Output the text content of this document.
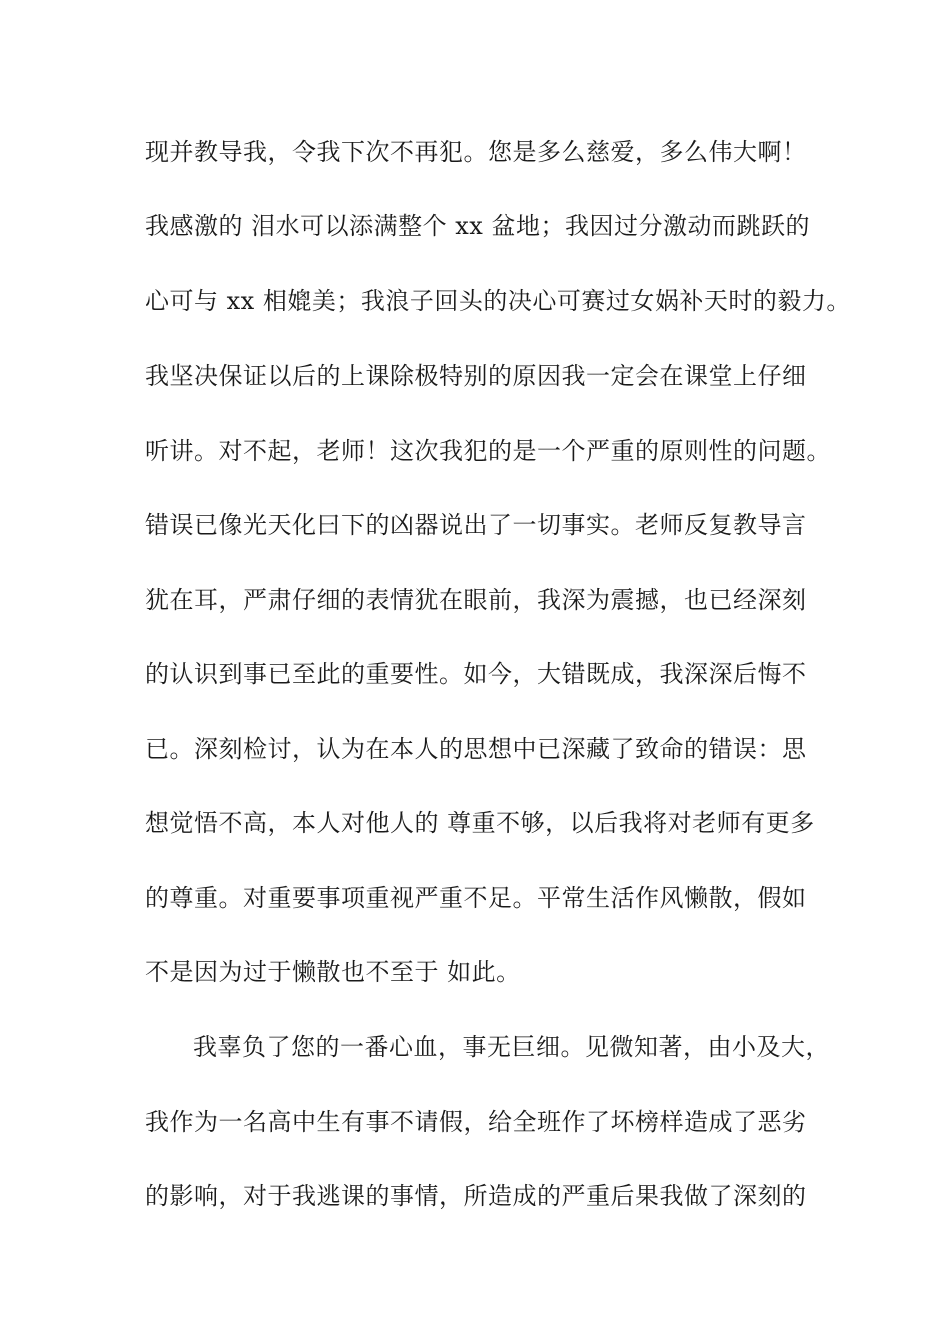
现并教导我，令我下次不再犯。您是多么慈爱，多么伟大啊！
我感激的 泪水可以添满整个 xx 盆地；我因过分激动而跳跃的
心可与 xx 相媲美；我浪子回头的决心可赛过女娲补天时的毅力。
我坚决保证以后的上课除极特别的原因我一定会在课堂上仔细
听讲。对不起，老师！这次我犯的是一个严重的原则性的问题。
错误已像光天化曰下的凶器说出了一切事实。老师反复教导言
犹在耳，严肃仔细的表情犹在眼前，我深为震撼，也已经深刻
的认识到事已至此的重要性。如今，大错既成，我深深后悔不
已。深刻检讨，认为在本人的思想中已深藏了致命的错误：思
想觉悟不高，本人对他人的 尊重不够，以后我将对老师有更多
的尊重。对重要事项重视严重不足。平常生活作风懒散，假如
不是因为过于懒散也不至于 如此。
我辜负了您的一番心血，事无巨细。见微知著，由小及大，
我作为一名高中生有事不请假，给全班作了坏榜样造成了恶劣
的影响，对于我逃课的事情，所造成的严重后果我做了深刻的
